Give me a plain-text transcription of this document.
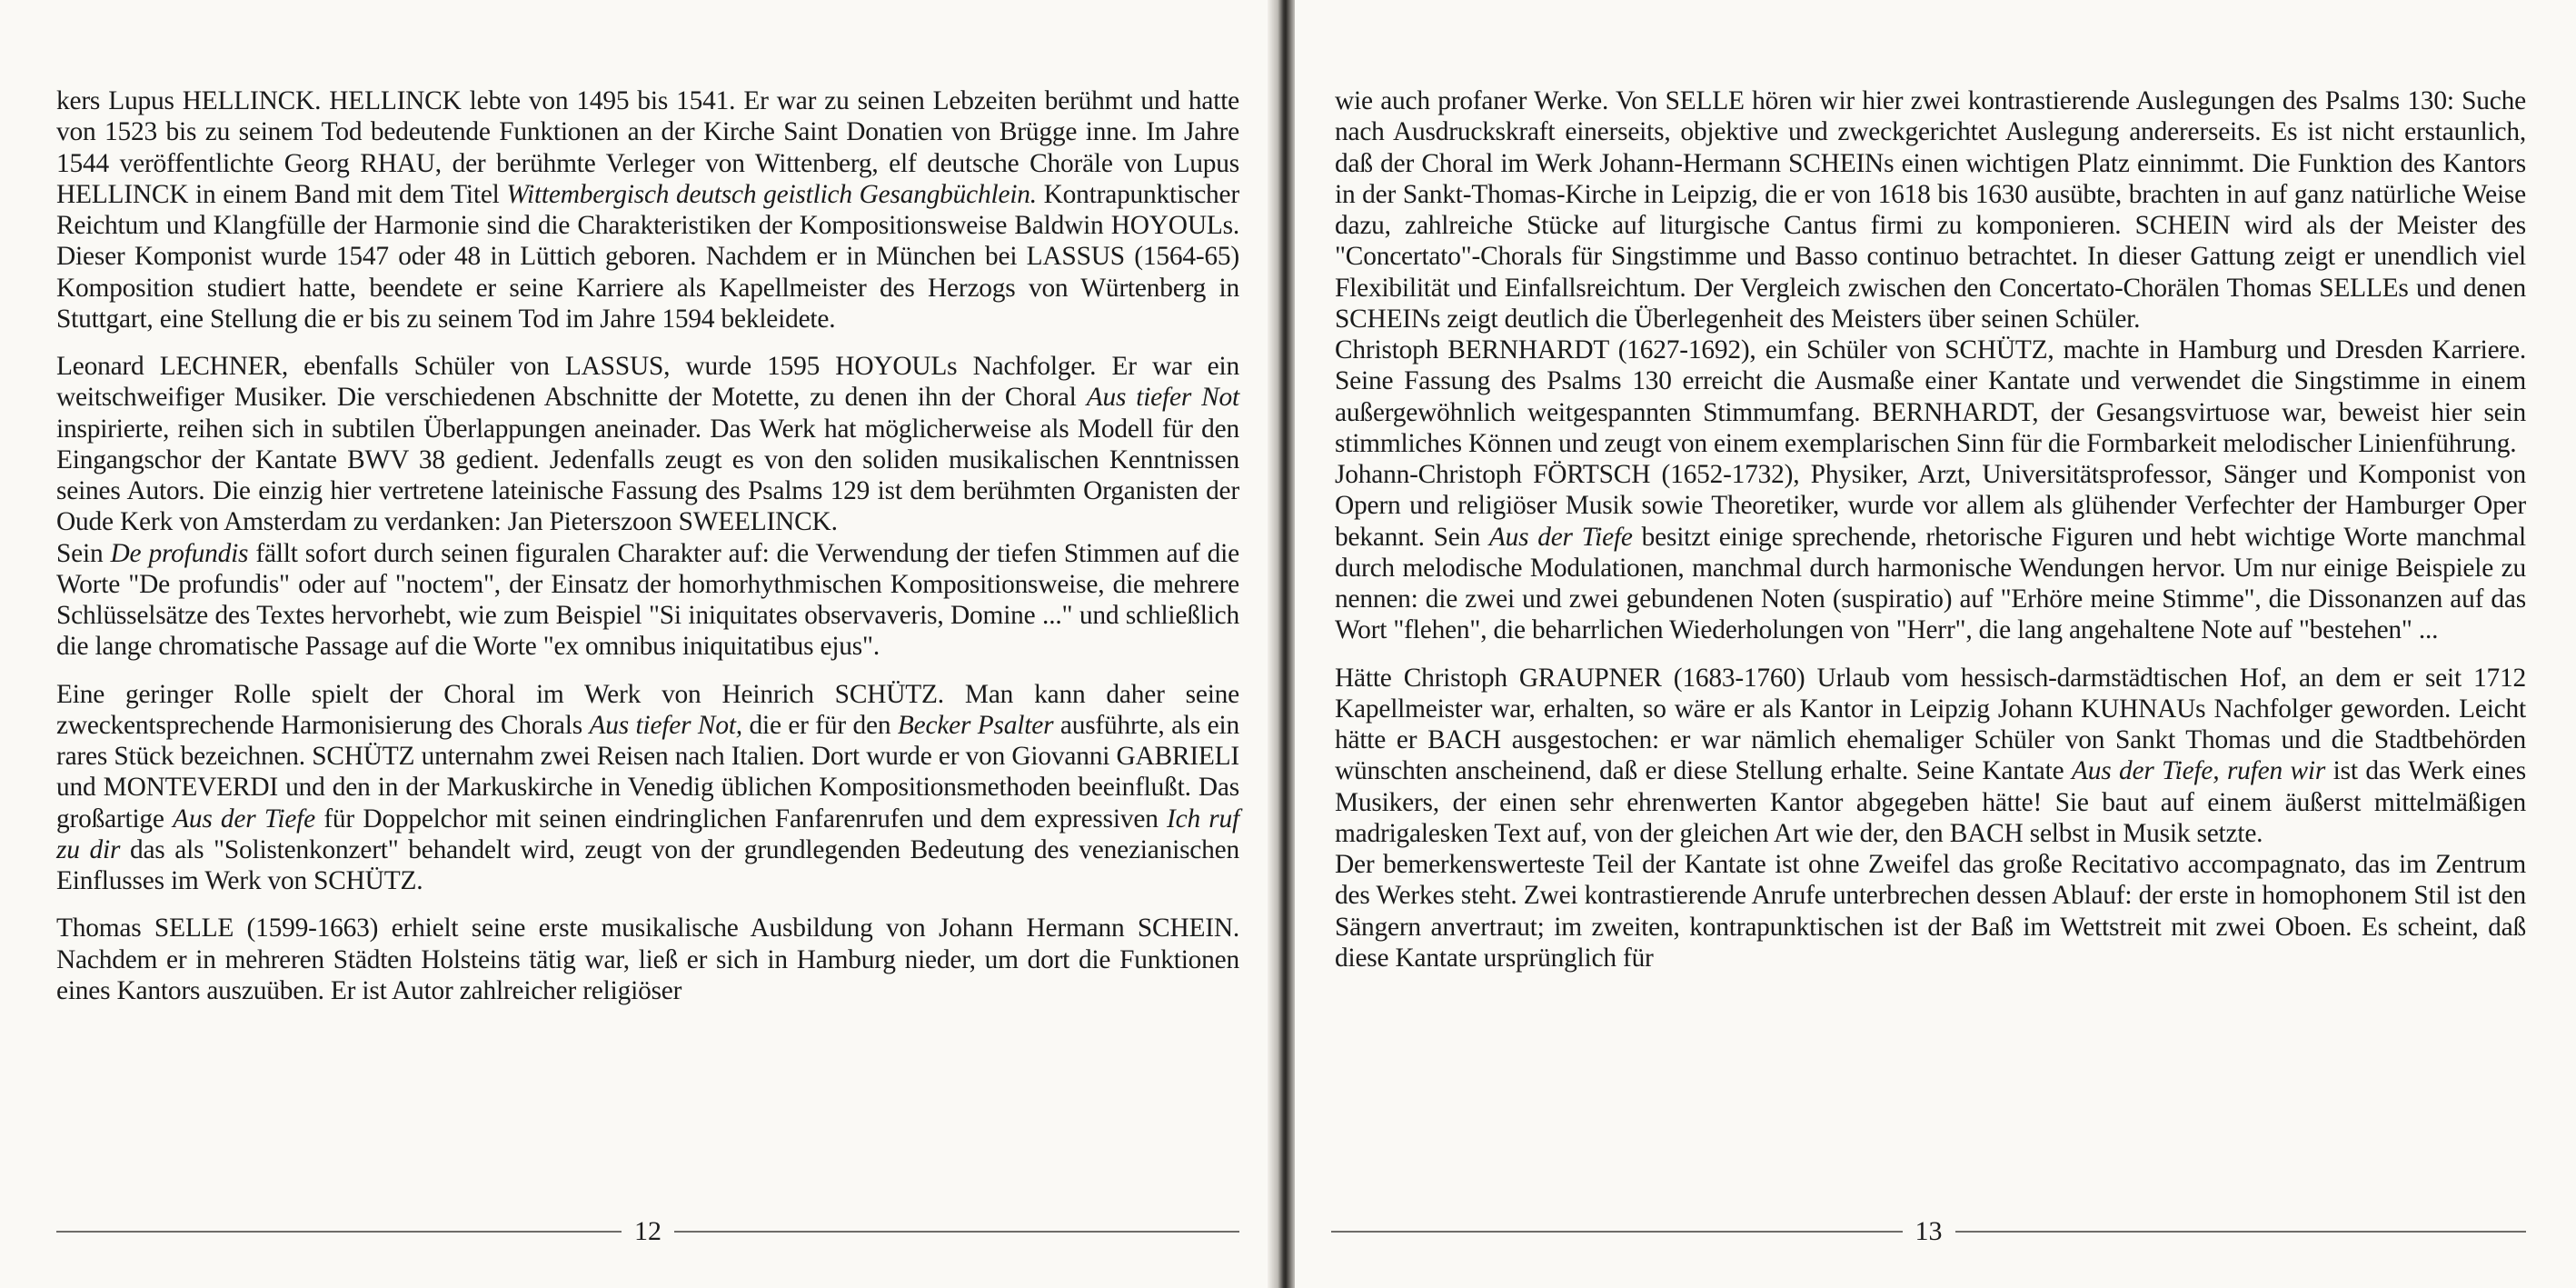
kers Lupus HELLINCK. HELLINCK lebte von 1495 bis 1541. Er war zu seinen Lebzeiten berühmt und hatte von 1523 bis zu seinem Tod bedeutende Funktionen an der Kirche Saint Donatien von Brügge inne. Im Jahre 1544 veröffentlichte Georg RHAU, der berühmte Verleger von Wittenberg, elf deutsche Choräle von Lupus HELLINCK in einem Band mit dem Titel Wittembergisch deutsch geistlich Gesangbüchlein. Kontrapunktischer Reichtum und Klangfülle der Harmonie sind die Charakteristiken der Kompositionsweise Baldwin HOYOULs. Dieser Komponist wurde 1547 oder 48 in Lüttich geboren. Nachdem er in München bei LASSUS (1564-65) Komposition studiert hatte, beendete er seine Karriere als Kapellmeister des Herzogs von Würtenberg in Stuttgart, eine Stellung die er bis zu seinem Tod im Jahre 1594 bekleidete.

Leonard LECHNER, ebenfalls Schüler von LASSUS, wurde 1595 HOYOULs Nachfolger. Er war ein weitschweifiger Musiker. Die verschiedenen Abschnitte der Motette, zu denen ihn der Choral Aus tiefer Not inspirierte, reihen sich in subtilen Überlappungen aneinader. Das Werk hat möglicherweise als Modell für den Eingangschor der Kantate BWV 38 gedient. Jedenfalls zeugt es von den soliden musikalischen Kenntnissen seines Autors. Die einzig hier vertretene lateinische Fassung des Psalms 129 ist dem berühmten Organisten der Oude Kerk von Amsterdam zu verdanken: Jan Pieterszoon SWEELINCK.

Sein De profundis fällt sofort durch seinen figuralen Charakter auf: die Verwendung der tiefen Stimmen auf die Worte "De profundis" oder auf "noctem", der Einsatz der homorhythmischen Kompositionsweise, die mehrere Schlüsselsätze des Textes hervorhebt, wie zum Beispiel "Si iniquitates observaveris, Domine ..." und schließlich die lange chromatische Passage auf die Worte "ex omnibus iniquitatibus ejus".

Eine geringer Rolle spielt der Choral im Werk von Heinrich SCHÜTZ. Man kann daher seine zweckentsprechende Harmonisierung des Chorals Aus tiefer Not, die er für den Becker Psalter ausführte, als ein rares Stück bezeichnen. SCHÜTZ unternahm zwei Reisen nach Italien. Dort wurde er von Giovanni GABRIELI und MONTEVERDI und den in der Markuskirche in Venedig üblichen Kompositionsmethoden beeinflußt. Das großartige Aus der Tiefe für Doppelchor mit seinen eindringlichen Fanfarenrufen und dem expressiven Ich ruf zu dir das als "Solistenkonzert" behandelt wird, zeugt von der grundlegenden Bedeutung des venezianischen Einflusses im Werk von SCHÜTZ.

Thomas SELLE (1599-1663) erhielt seine erste musikalische Ausbildung von Johann Hermann SCHEIN. Nachdem er in mehreren Städten Holsteins tätig war, ließ er sich in Hamburg nieder, um dort die Funktionen eines Kantors auszuüben. Er ist Autor zahlreicher religiöser

12

wie auch profaner Werke. Von SELLE hören wir hier zwei kontrastierende Auslegungen des Psalms 130: Suche nach Ausdruckskraft einerseits, objektive und zweckgerichtet Auslegung andererseits. Es ist nicht erstaunlich, daß der Choral im Werk Johann-Hermann SCHEINs einen wichtigen Platz einnimmt. Die Funktion des Kantors in der Sankt-Thomas-Kirche in Leipzig, die er von 1618 bis 1630 ausübte, brachten in auf ganz natürliche Weise dazu, zahlreiche Stücke auf liturgische Cantus firmi zu komponieren. SCHEIN wird als der Meister des "Concertato"-Chorals für Singstimme und Basso continuo betrachtet. In dieser Gattung zeigt er unendlich viel Flexibilität und Einfallsreichtum. Der Vergleich zwischen den Concertato-Chorälen Thomas SELLEs und denen SCHEINs zeigt deutlich die Überlegenheit des Meisters über seinen Schüler.

Christoph BERNHARDT (1627-1692), ein Schüler von SCHÜTZ, machte in Hamburg und Dresden Karriere. Seine Fassung des Psalms 130 erreicht die Ausmaße einer Kantate und verwendet die Singstimme in einem außergewöhnlich weitgespannten Stimmumfang. BERNHARDT, der Gesangsvirtuose war, beweist hier sein stimmliches Können und zeugt von einem exemplarischen Sinn für die Formbarkeit melodischer Linienführung.

Johann-Christoph FÖRTSCH (1652-1732), Physiker, Arzt, Universitätsprofessor, Sänger und Komponist von Opern und religiöser Musik sowie Theoretiker, wurde vor allem als glühender Verfechter der Hamburger Oper bekannt. Sein Aus der Tiefe besitzt einige sprechende, rhetorische Figuren und hebt wichtige Worte manchmal durch melodische Modulationen, manchmal durch harmonische Wendungen hervor. Um nur einige Beispiele zu nennen: die zwei und zwei gebundenen Noten (suspiratio) auf "Erhöre meine Stimme", die Dissonanzen auf das Wort "flehen", die beharrlichen Wiederholungen von "Herr", die lang angehaltene Note auf "bestehen" ...

Hätte Christoph GRAUPNER (1683-1760) Urlaub vom hessisch-darmstädtischen Hof, an dem er seit 1712 Kapellmeister war, erhalten, so wäre er als Kantor in Leipzig Johann KUHNAUs Nachfolger geworden. Leicht hätte er BACH ausgestochen: er war nämlich ehemaliger Schüler von Sankt Thomas und die Stadtbehörden wünschten anscheinend, daß er diese Stellung erhalte. Seine Kantate Aus der Tiefe, rufen wir ist das Werk eines Musikers, der einen sehr ehrenwerten Kantor abgegeben hätte! Sie baut auf einem äußerst mittelmäßigen madrigalesken Text auf, von der gleichen Art wie der, den BACH selbst in Musik setzte.

Der bemerkenswerteste Teil der Kantate ist ohne Zweifel das große Recitativo accompagnato, das im Zentrum des Werkes steht. Zwei kontrastierende Anrufe unterbrechen dessen Ablauf: der erste in homophonem Stil ist den Sängern anvertraut; im zweiten, kontrapunktischen ist der Baß im Wettstreit mit zwei Oboen. Es scheint, daß diese Kantate ursprünglich für

13
